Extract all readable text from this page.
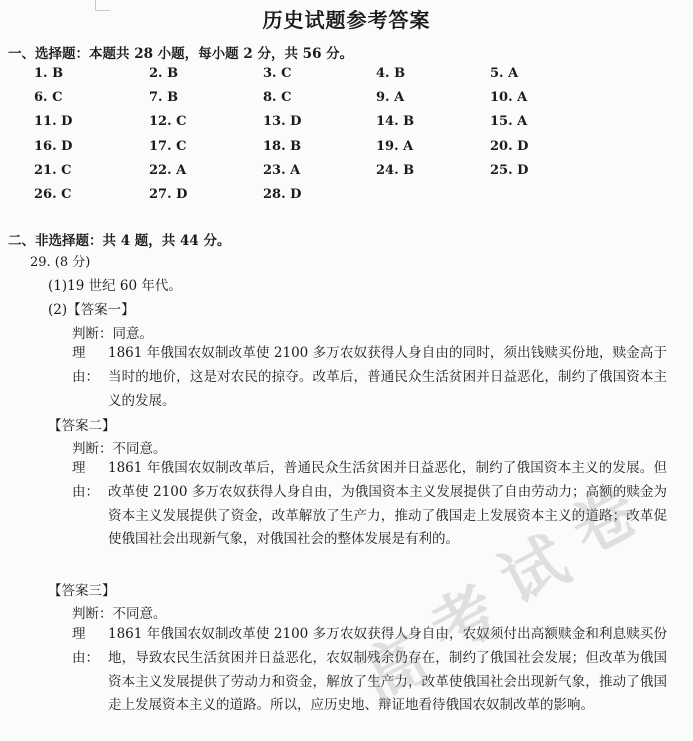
历史试题参考答案
一、选择题：本题共 28 小题，每小题 2 分，共 56 分。
1. B	2. B	3. C	4. B	5. A
6. C	7. B	8. C	9. A	10. A
11. D	12. C	13. D	14. B	15. A
16. D	17. C	18. B	19. A	20. D
21. C	22. A	23. A	24. B	25. D
26. C	27. D	28. D
二、非选择题：共 4 题，共 44 分。
29. (8 分)
(1)19 世纪 60 年代。
(2)【答案一】
判断：同意。
理由：
1861 年俄国农奴制改革使 2100 多万农奴获得人身自由的同时，须出钱赎买份地，赎金高于当时的地价，这是对农民的掠夺。改革后，普通民众生活贫困并日益恶化，制约了俄国资本主义的发展。
【答案二】
判断：不同意。
理由：
1861 年俄国农奴制改革后，普通民众生活贫困并日益恶化，制约了俄国资本主义的发展。但改革使 2100 多万农奴获得人身自由，为俄国资本主义发展提供了自由劳动力；高额的赎金为资本主义发展提供了资金，改革解放了生产力，推动了俄国走上发展资本主义的道路；改革促使俄国社会出现新气象，对俄国社会的整体发展是有利的。
【答案三】
判断：不同意。
理由：
1861 年俄国农奴制改革使 2100 多万农奴获得人身自由，农奴须付出高额赎金和利息赎买份地，导致农民生活贫困并日益恶化，农奴制残余仍存在，制约了俄国社会发展；但改革为俄国资本主义发展提供了劳动力和资金，解放了生产力，改革使俄国社会出现新气象，推动了俄国走上发展资本主义的道路。所以，应历史地、辩证地看待俄国农奴制改革的影响。
高
考
试
卷
